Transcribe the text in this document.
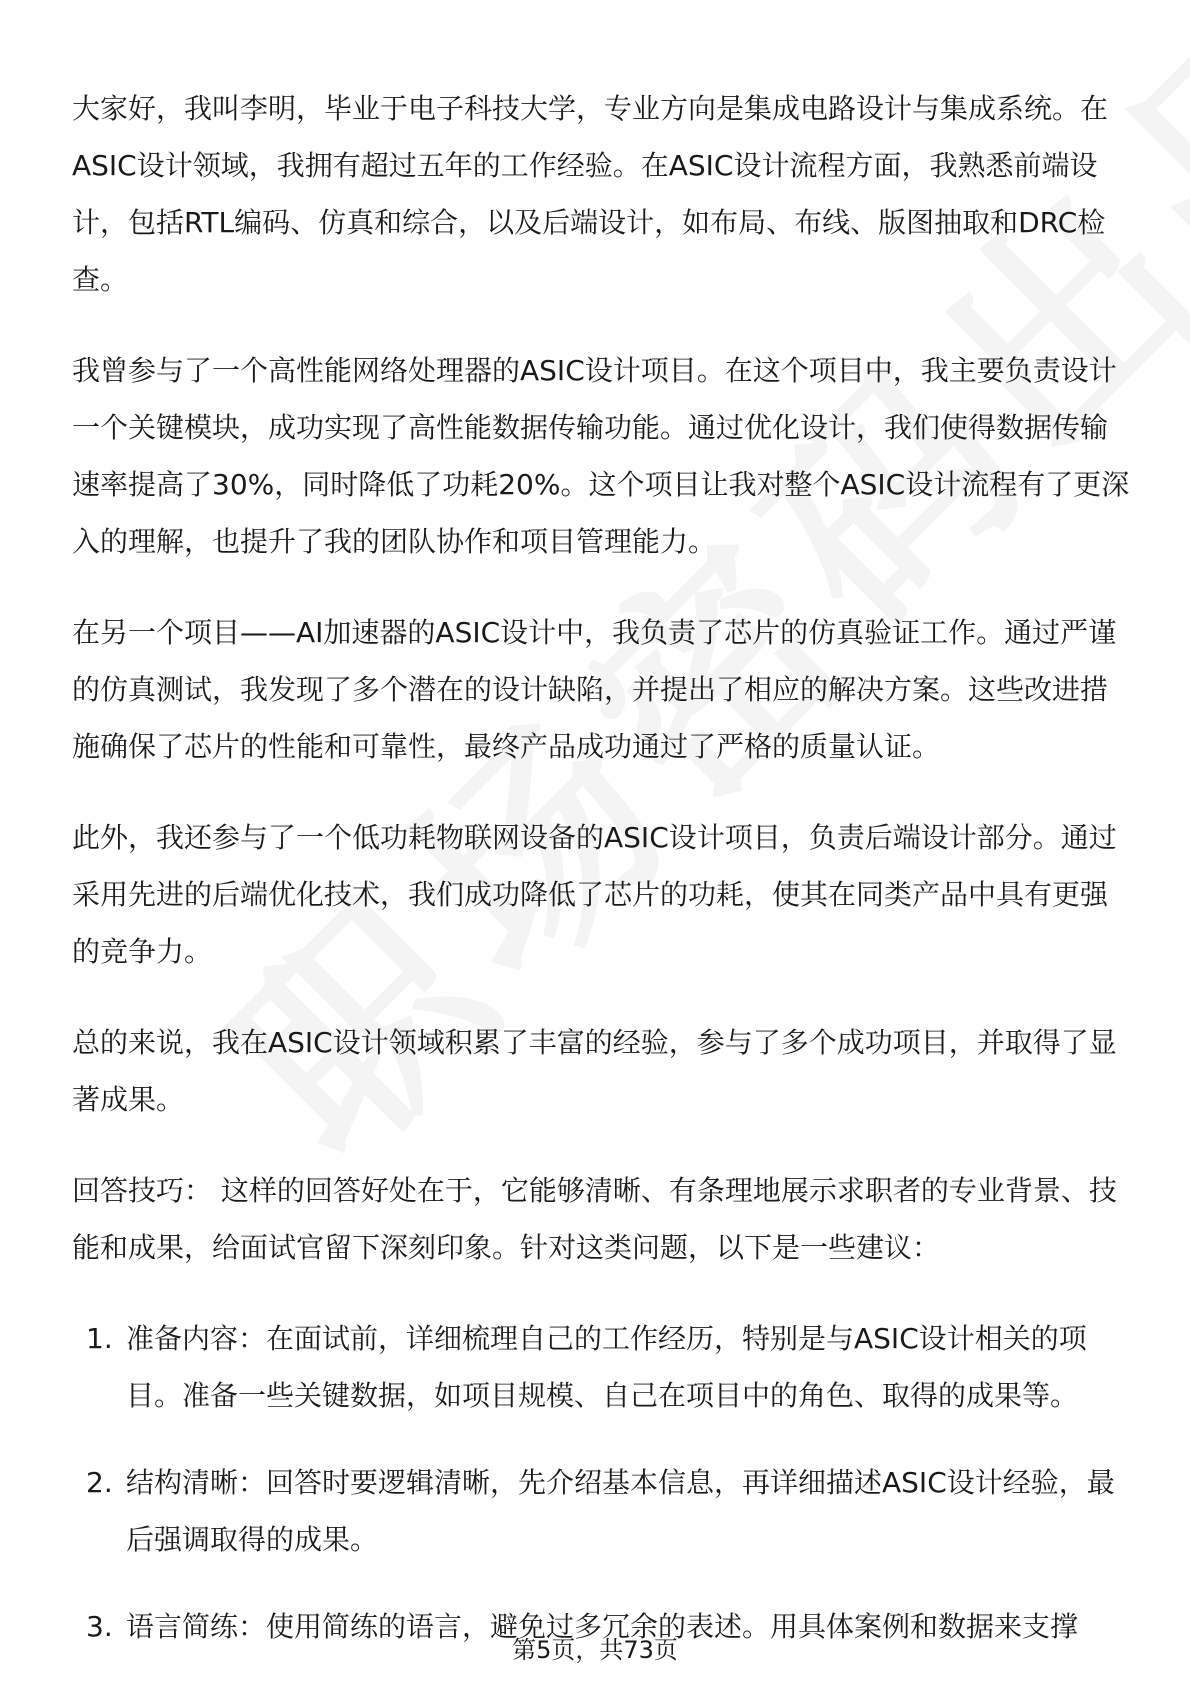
大家好，我叫李明，毕业于电子科技大学，专业方向是集成电路设计与集成系统。在ASIC设计领域，我拥有超过五年的工作经验。在ASIC设计流程方面，我熟悉前端设计，包括RTL编码、仿真和综合，以及后端设计，如布局、布线、版图抽取和DRC检查。

我曾参与了一个高性能网络处理器的ASIC设计项目。在这个项目中，我主要负责设计一个关键模块，成功实现了高性能数据传输功能。通过优化设计，我们使得数据传输速率提高了30%，同时降低了功耗20%。这个项目让我对整个ASIC设计流程有了更深入的理解，也提升了我的团队协作和项目管理能力。

在另一个项目——AI加速器的ASIC设计中，我负责了芯片的仿真验证工作。通过严谨的仿真测试，我发现了多个潜在的设计缺陷，并提出了相应的解决方案。这些改进措施确保了芯片的性能和可靠性，最终产品成功通过了严格的质量认证。

此外，我还参与了一个低功耗物联网设备的ASIC设计项目，负责后端设计部分。通过采用先进的后端优化技术，我们成功降低了芯片的功耗，使其在同类产品中具有更强的竞争力。

总的来说，我在ASIC设计领域积累了丰富的经验，参与了多个成功项目，并取得了显著成果。

回答技巧： 这样的回答好处在于，它能够清晰、有条理地展示求职者的专业背景、技能和成果，给面试官留下深刻印象。针对这类问题，以下是一些建议：

1. 准备内容：在面试前，详细梳理自己的工作经历，特别是与ASIC设计相关的项目。准备一些关键数据，如项目规模、自己在项目中的角色、取得的成果等。
2. 结构清晰：回答时要逻辑清晰，先介绍基本信息，再详细描述ASIC设计经验，最后强调取得的成果。
3. 语言简练：使用简练的语言，避免过多冗余的表述。用具体案例和数据来支撑
第5页，共73页
